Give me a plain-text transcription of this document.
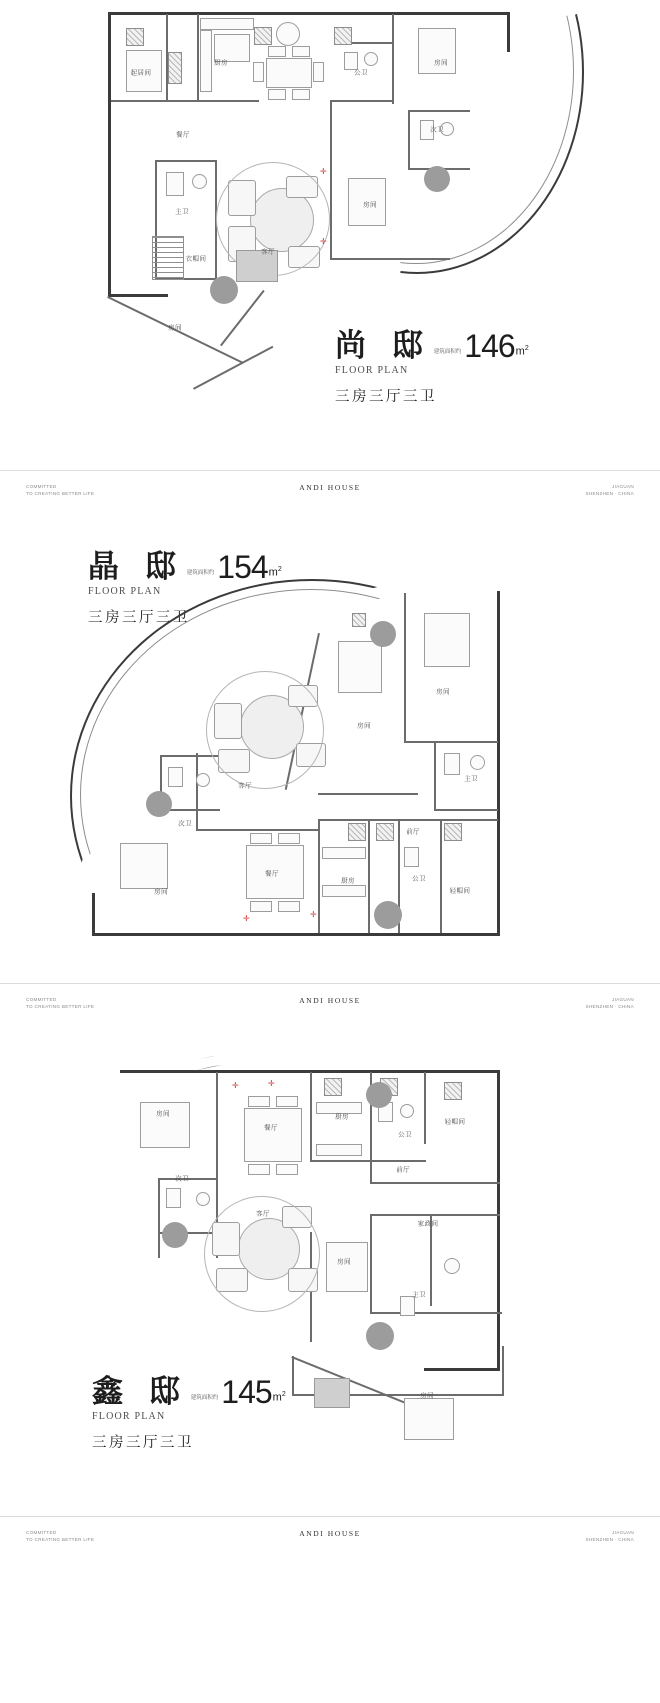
✛
✛
起居间
厨房
餐厅
公卫
房间
次卫
主卫
客厅
衣帽间
房间
房间	尚 邸 建筑面积约 146 $m^2$
FLOOR PLAN
三房三厅三卫
COMMITTED
TO CREATING BETTER LIFE
ANDI HOUSE	JIAGUAN
SHENZHEN · CHINA
晶 邸 建筑面积约 154 $m^2$
FLOOR PLAN
三房三厅三卫
✛	✛
房间
房间
主卫
客厅
次卫
前厅
餐厅
厨房	公卫
轻帽间
房间
COMMITTED
TO CREATING BETTER LIFE
ANDI HOUSE	JIAGUAN
SHENZHEN · CHINA
✛	✛
房间
餐厅
厨房
公卫
轻帽间
次卫
前厅
客厅
家政间
房间
主卫
房间
鑫 邸 建筑面积约 145 $m^2$
FLOOR PLAN
三房三厅三卫
COMMITTED
TO CREATING BETTER LIFE
ANDI HOUSE	JIAGUAN
SHENZHEN · CHINA
